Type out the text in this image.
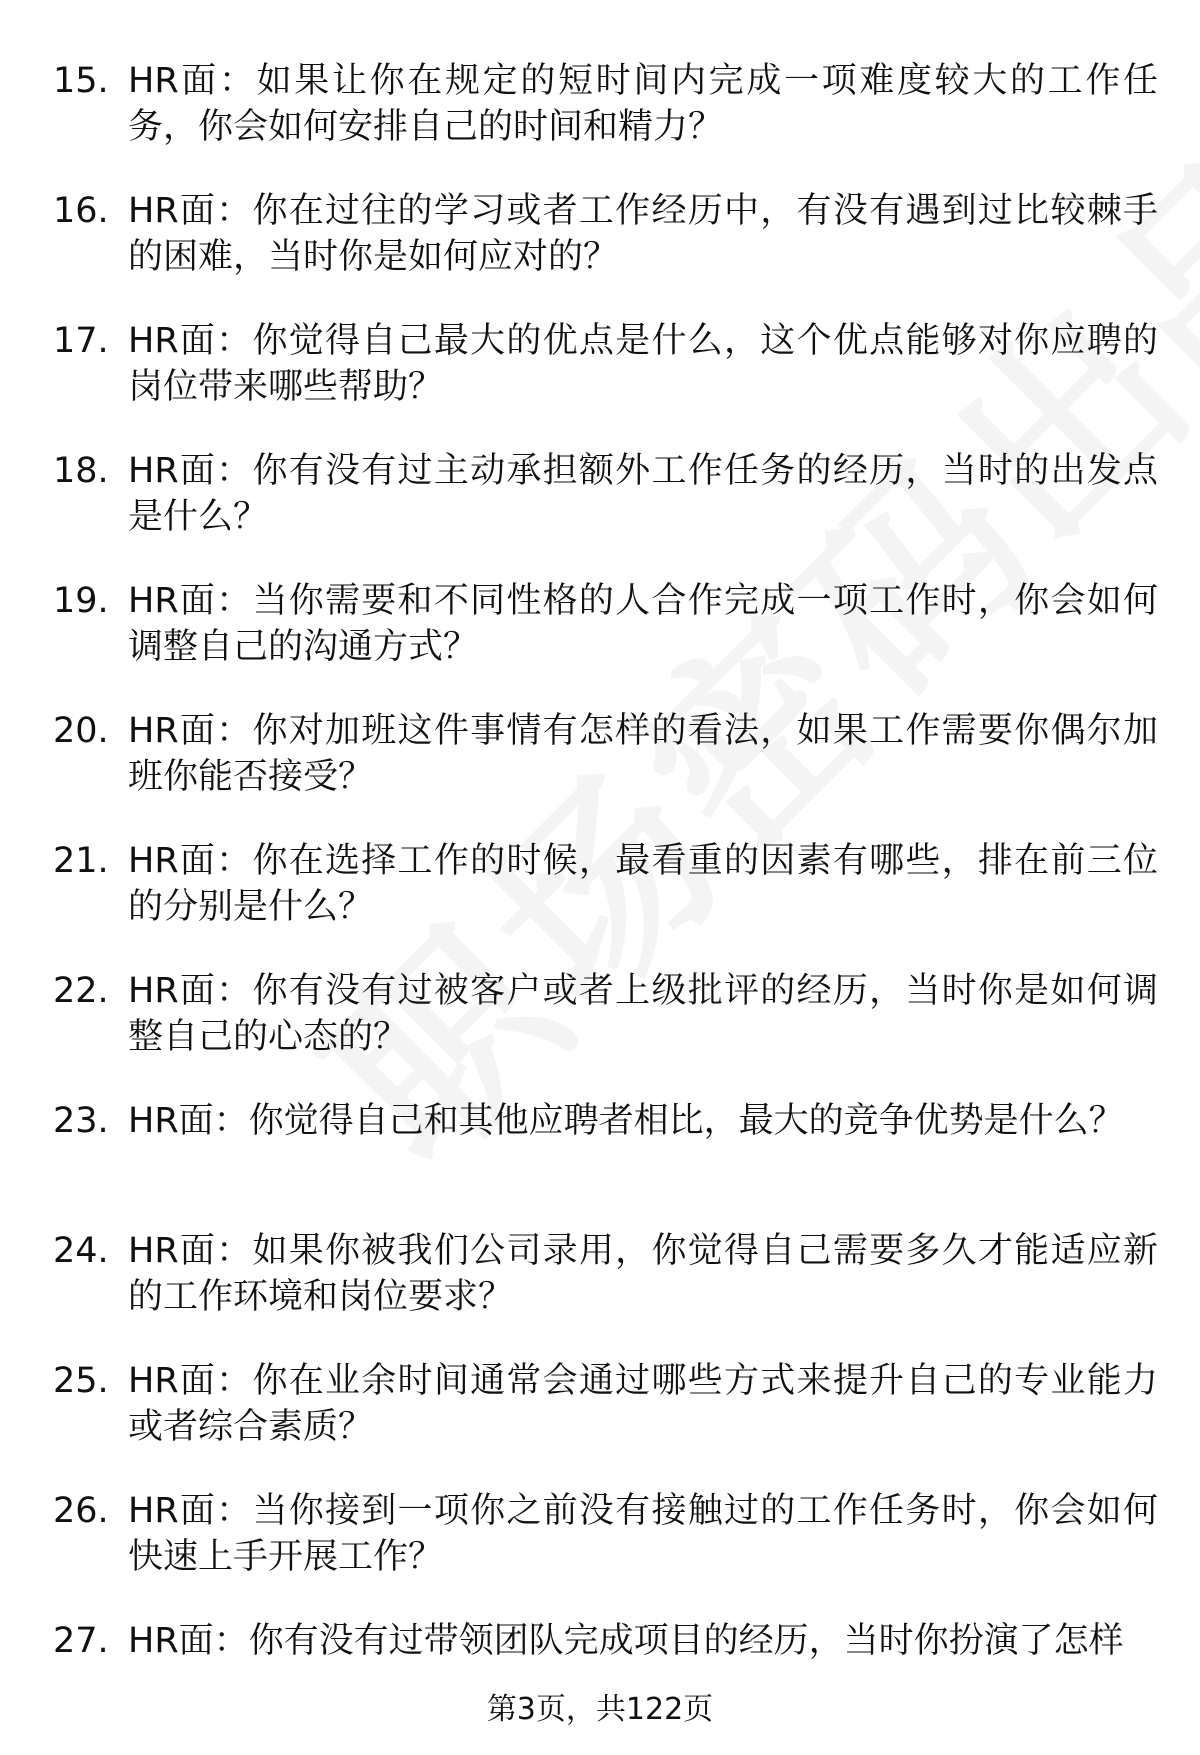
15. HR面：如果让你在规定的短时间内完成一项难度较大的工作任务，你会如何安排自己的时间和精力？
16. HR面：你在过往的学习或者工作经历中，有没有遇到过比较棘手的困难，当时你是如何应对的？
17. HR面：你觉得自己最大的优点是什么，这个优点能够对你应聘的岗位带来哪些帮助？
18. HR面：你有没有过主动承担额外工作任务的经历，当时的出发点是什么？
19. HR面：当你需要和不同性格的人合作完成一项工作时，你会如何调整自己的沟通方式？
20. HR面：你对加班这件事情有怎样的看法，如果工作需要你偶尔加班你能否接受？
21. HR面：你在选择工作的时候，最看重的因素有哪些，排在前三位的分别是什么？
22. HR面：你有没有过被客户或者上级批评的经历，当时你是如何调整自己的心态的？
23. HR面：你觉得自己和其他应聘者相比，最大的竞争优势是什么？
24. HR面：如果你被我们公司录用，你觉得自己需要多久才能适应新的工作环境和岗位要求？
25. HR面：你在业余时间通常会通过哪些方式来提升自己的专业能力或者综合素质？
26. HR面：当你接到一项你之前没有接触过的工作任务时，你会如何快速上手开展工作？
27. HR面：你有没有过带领团队完成项目的经历，当时你扮演了怎样
第3页，共122页
